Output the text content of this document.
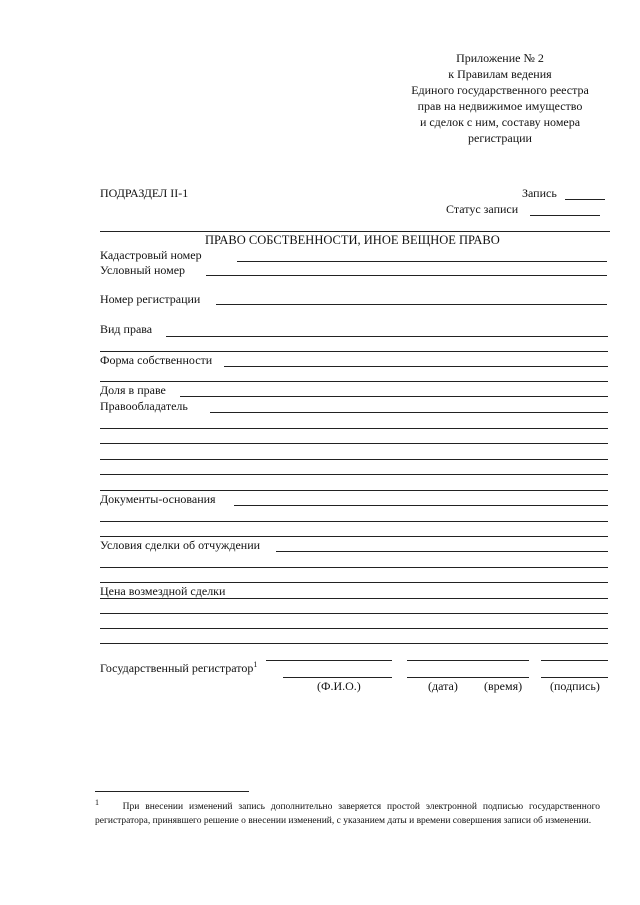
Приложение № 2
к Правилам ведения
Единого государственного реестра
прав на недвижимое имущество
и сделок с ним, составу номера
регистрации
ПОДРАЗДЕЛ II-1	Запись
Статус записи
ПРАВО СОБСТВЕННОСТИ, ИНОЕ ВЕЩНОЕ ПРАВО
Кадастровый номер
Условный номер
Номер регистрации
Вид права
Форма собственности
Доля в праве
Правообладатель
Документы-основания
Условия сделки об отчуждении
Цена возмездной сделки
Государственный регистратор$^1$
(Ф.И.О.)	(дата) (время) (подпись)
$^1$ При внесении изменений запись дополнительно заверяется простой электронной подписью государственного регистратора, принявшего решение о внесении изменений, с указанием даты и времени совершения записи об изменении.
